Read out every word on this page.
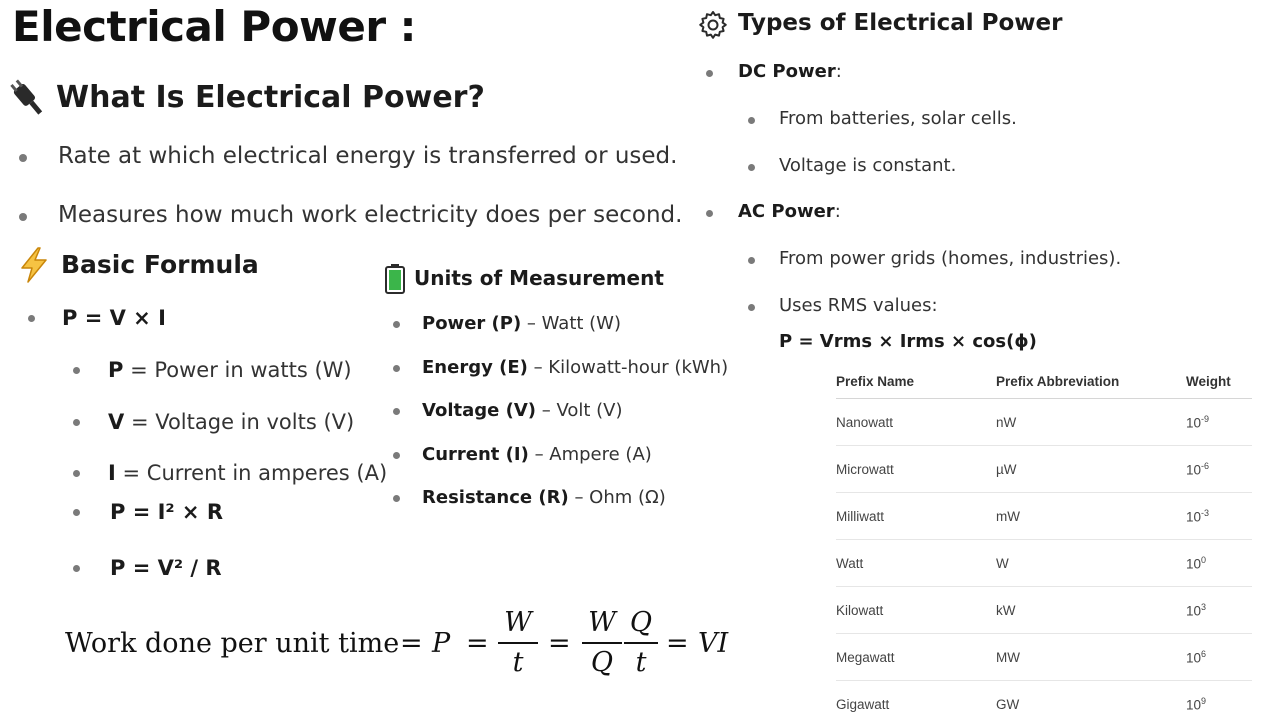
Electrical Power :
What Is Electrical Power?
Rate at which electrical energy is transferred or used.
Measures how much work electricity does per second.
Basic Formula
P = V × I
P = Power in watts (W)
V = Voltage in volts (V)
I = Current in amperes (A)
P = I² × R
P = V² / R
Units of Measurement
Power (P) – Watt (W)
Energy (E) – Kilowatt-hour (kWh)
Voltage (V) – Volt (V)
Current (I) – Ampere (A)
Resistance (R) – Ohm (Ω)
Work done per unit time = P =
W
t
=
W
Q
Q
t
= VI
Types of Electrical Power
DC Power:
From batteries, solar cells.
Voltage is constant.
AC Power:
From power grids (homes, industries).
Uses RMS values:
P = Vrms × Irms × cos(ϕ)
Prefix Name	Prefix Abbreviation	Weight
Nanowatt	nW	$10^{-9}$
Microwatt	µW	$10^{-6}$
Milliwatt	mW	$10^{-3}$
Watt	W	$10^0$
Kilowatt	kW	$10^3$
Megawatt	MW	$10^6$
Gigawatt	GW	$10^9$
